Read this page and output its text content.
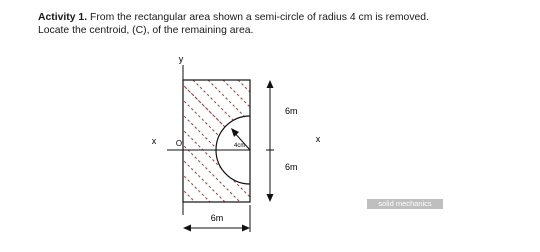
Activity 1. From the rectangular area shown a semi-circle of radius 4 cm is removed.
Locate the centroid, (C), of the remaining area.
y
x	x
O	4cm
6m
6m
6m
solid mechanics
